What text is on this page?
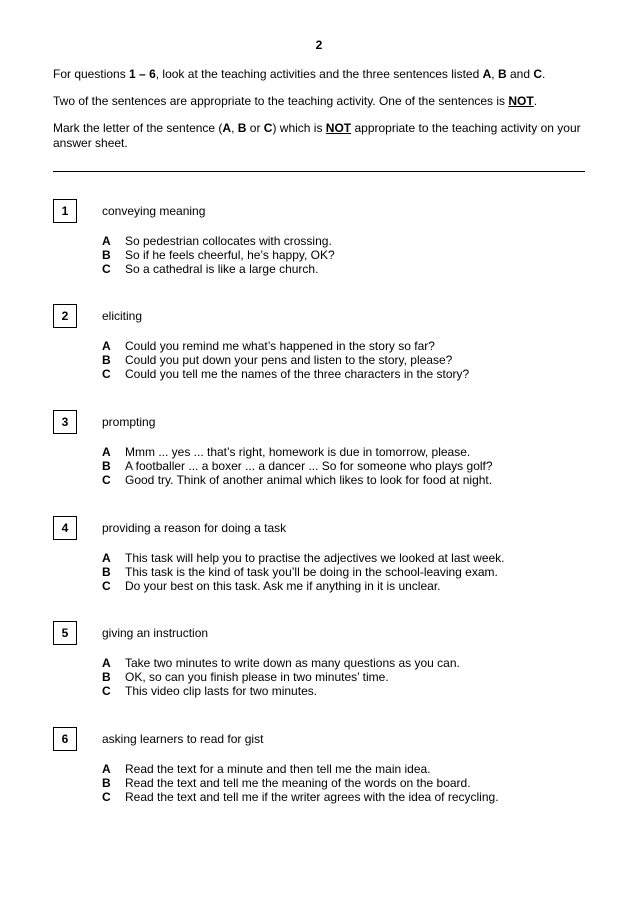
2

For questions 1 – 6, look at the teaching activities and the three sentences listed A, B and C.

Two of the sentences are appropriate to the teaching activity. One of the sentences is NOT.

Mark the letter of the sentence (A, B or C) which is NOT appropriate to the teaching activity on your answer sheet.

1	conveying meaning
A So pedestrian collocates with crossing.
B So if he feels cheerful, he’s happy, OK?
C So a cathedral is like a large church.
2	eliciting
A Could you remind me what’s happened in the story so far?
B Could you put down your pens and listen to the story, please?
C Could you tell me the names of the three characters in the story?
3	prompting
A Mmm ... yes ... that’s right, homework is due in tomorrow, please.
B A footballer ... a boxer ... a dancer ... So for someone who plays golf?
C Good try. Think of another animal which likes to look for food at night.
4	providing a reason for doing a task
A This task will help you to practise the adjectives we looked at last week.
B This task is the kind of task you’ll be doing in the school-leaving exam.
C Do your best on this task. Ask me if anything in it is unclear.
5	giving an instruction
A Take two minutes to write down as many questions as you can.
B OK, so can you finish please in two minutes’ time.
C This video clip lasts for two minutes.
6	asking learners to read for gist
A Read the text for a minute and then tell me the main idea.
B Read the text and tell me the meaning of the words on the board.
C Read the text and tell me if the writer agrees with the idea of recycling.
